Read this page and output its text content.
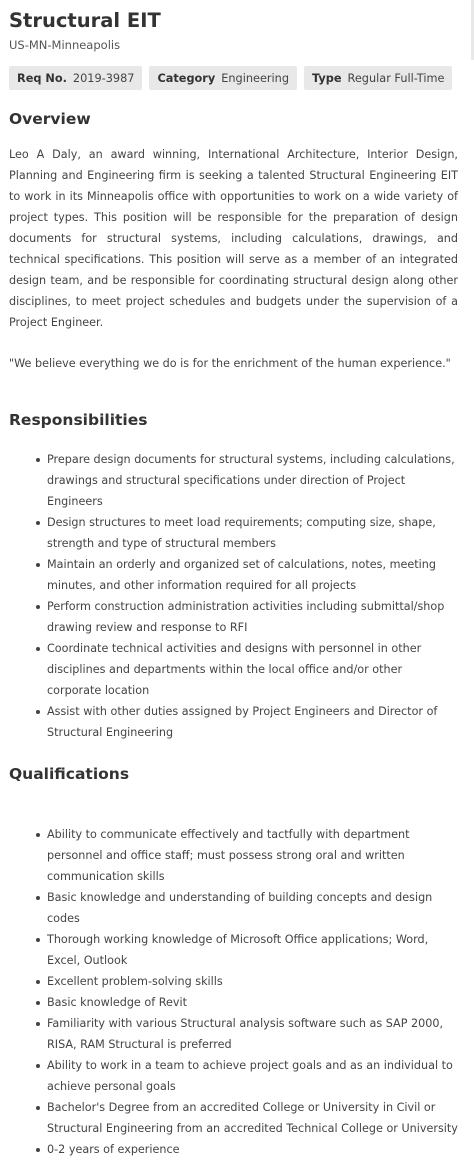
Structural EIT
US-MN-Minneapolis
Req No. 2019-3987 Category Engineering Type Regular Full-Time
Overview

Leo A Daly, an award winning, International Architecture, Interior Design, Planning and Engineering firm is seeking a talented Structural Engineering EIT to work in its Minneapolis office with opportunities to work on a wide variety of project types. This position will be responsible for the preparation of design documents for structural systems, including calculations, drawings, and technical specifications. This position will serve as a member of an integrated design team, and be responsible for coordinating structural design along other disciplines, to meet project schedules and budgets under the supervision of a Project Engineer.

"We believe everything we do is for the enrichment of the human experience."

Responsibilities
Prepare design documents for structural systems, including calculations, drawings and structural specifications under direction of Project Engineers
Design structures to meet load requirements; computing size, shape, strength and type of structural members
Maintain an orderly and organized set of calculations, notes, meeting minutes, and other information required for all projects
Perform construction administration activities including submittal/shop drawing review and response to RFI
Coordinate technical activities and designs with personnel in other disciplines and departments within the local office and/or other corporate location
Assist with other duties assigned by Project Engineers and Director of Structural Engineering
Qualifications
Ability to communicate effectively and tactfully with department personnel and office staff; must possess strong oral and written communication skills
Basic knowledge and understanding of building concepts and design codes
Thorough working knowledge of Microsoft Office applications; Word, Excel, Outlook
Excellent problem-solving skills
Basic knowledge of Revit
Familiarity with various Structural analysis software such as SAP 2000, RISA, RAM Structural is preferred
Ability to work in a team to achieve project goals and as an individual to achieve personal goals
Bachelor's Degree from an accredited College or University in Civil or Structural Engineering from an accredited Technical College or University
0-2 years of experience
